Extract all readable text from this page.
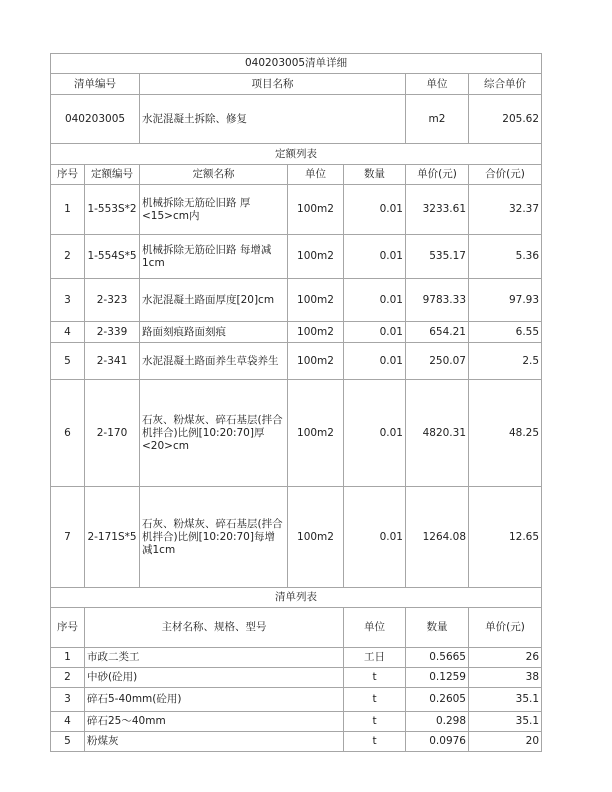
040203005清单详细							
清单编号		项目名称			单位	综合单价	
040203005		水泥混凝土拆除、修复			m2	205.62	
定额列表							
序号	定额编号	定额名称	单位	数量	单价(元)	合价(元)	
1	1-553S*2	机械拆除无筋砼旧路 厚<15>cm内	100m2	0.01	3233.61	32.37	
2	1-554S*5	机械拆除无筋砼旧路 每增减1cm	100m2	0.01	535.17	5.36	
3	2-323	水泥混凝土路面厚度[20]cm	100m2	0.01	9783.33	97.93	
4	2-339	路面刻痕路面刻痕	100m2	0.01	654.21	6.55	
5	2-341	水泥混凝土路面养生草袋养生	100m2	0.01	250.07	2.5	
6	2-170	石灰、粉煤灰、碎石基层(拌合机拌合)比例[10:20:70]厚<20>cm	100m2	0.01	4820.31	48.25	
7	2-171S*5	石灰、粉煤灰、碎石基层(拌合机拌合)比例[10:20:70]每增减1cm	100m2	0.01	1264.08	12.65	
清单列表							
序号	主材名称、规格、型号			单位	数量	单价(元)	
1	市政二类工			工日	0.5665	26	
2	中砂(砼用)			t	0.1259	38	
3	碎石5-40mm(砼用)			t	0.2605	35.1	
4	碎石25～40mm			t	0.298	35.1	
5	粉煤灰			t	0.0976	20	
